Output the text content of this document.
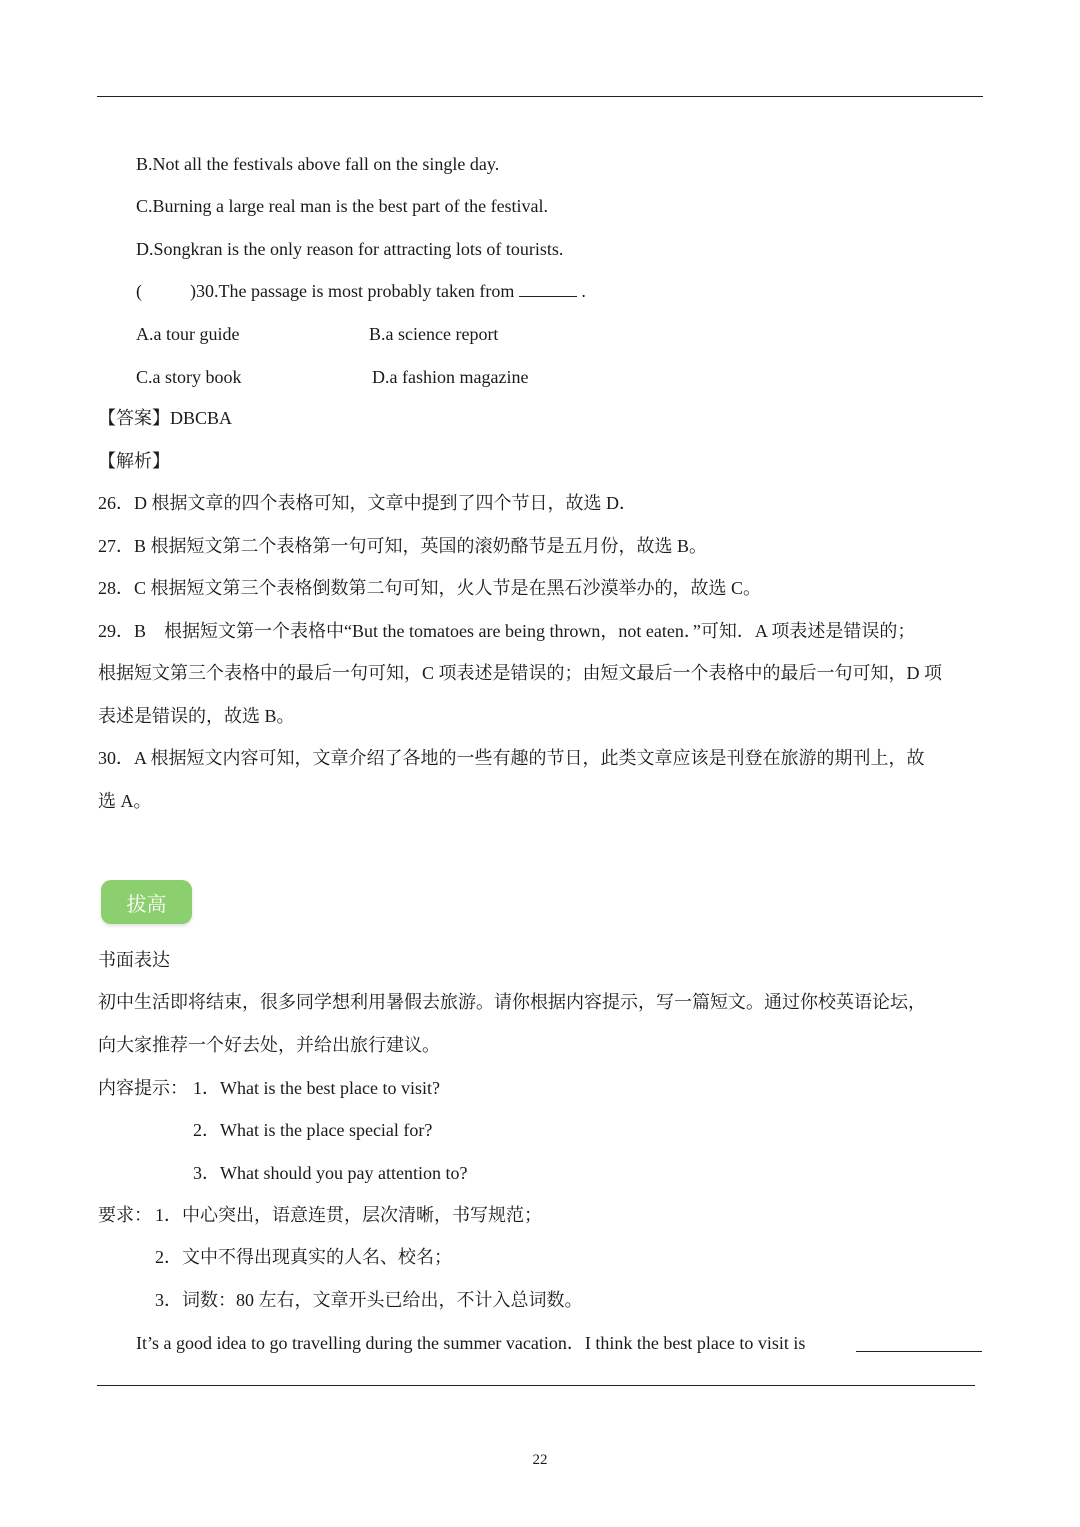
B.Not all the festivals above fall on the single day.
C.Burning a large real man is the best part of the festival.
D.Songkran is the only reason for attracting lots of tourists.
(	)30.The passage is most probably taken from	.
A.a tour guide	B.a science report
C.a story book	D.a fashion magazine
【答案】DBCBA
【解析】
26．D 根据文章的四个表格可知，文章中提到了四个节日，故选 D．
27．B 根据短文第二个表格第一句可知，英国的滚奶酪节是五月份，故选 B。
28．C 根据短文第三个表格倒数第二句可知，火人节是在黑石沙漠举办的，故选 C。
29．B　根据短文第一个表格中“But the tomatoes are being thrown，not eaten．”可知．A 项表述是错误的；
根据短文第三个表格中的最后一句可知，C 项表述是错误的；由短文最后一个表格中的最后一句可知，D 项
表述是错误的，故选 B。
30．A 根据短文内容可知，文章介绍了各地的一些有趣的节日，此类文章应该是刊登在旅游的期刊上，故
选 A。
拔高
书面表达
初中生活即将结束，很多同学想利用暑假去旅游。请你根据内容提示，写一篇短文。通过你校英语论坛，
向大家推荐一个好去处，并给出旅行建议。
内容提示： 1．What is the best place to visit?
2．What is the place special for?
3．What should you pay attention to?
要求： 1．中心突出，语意连贯，层次清晰，书写规范；
2．文中不得出现真实的人名、校名；
3．词数：80 左右，文章开头已给出，不计入总词数。
It’s a good idea to go travelling during the summer vacation．I think the best place to visit is
22
